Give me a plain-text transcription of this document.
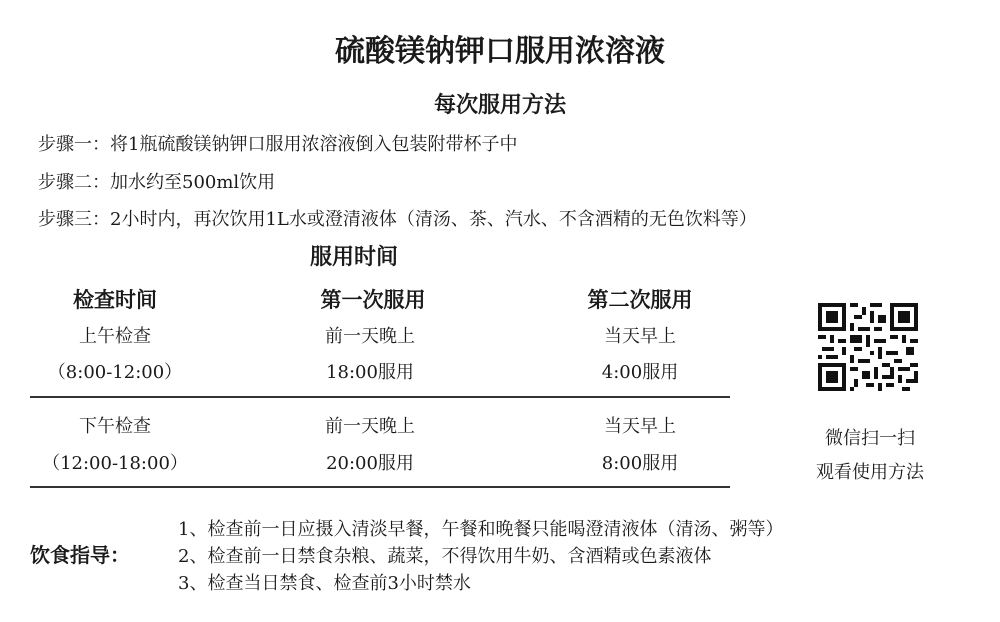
硫酸镁钠钾口服用浓溶液
每次服用方法
步骤一：将1瓶硫酸镁钠钾口服用浓溶液倒入包装附带杯子中
步骤二：加水约至500ml饮用
步骤三：2小时内，再次饮用1L水或澄清液体（清汤、茶、汽水、不含酒精的无色饮料等）
服用时间
检查时间	第一次服用	第二次服用
上午检查
（8:00-12:00）
前一天晚上
18:00服用
当天早上
4:00服用
下午检查
（12:00-18:00）
前一天晚上
20:00服用
当天早上
8:00服用
微信扫一扫
观看使用方法
饮食指导：
1、检查前一日应摄入清淡早餐，午餐和晚餐只能喝澄清液体（清汤、粥等）
2、检查前一日禁食杂粮、蔬菜，不得饮用牛奶、含酒精或色素液体
3、检查当日禁食、检查前3小时禁水
